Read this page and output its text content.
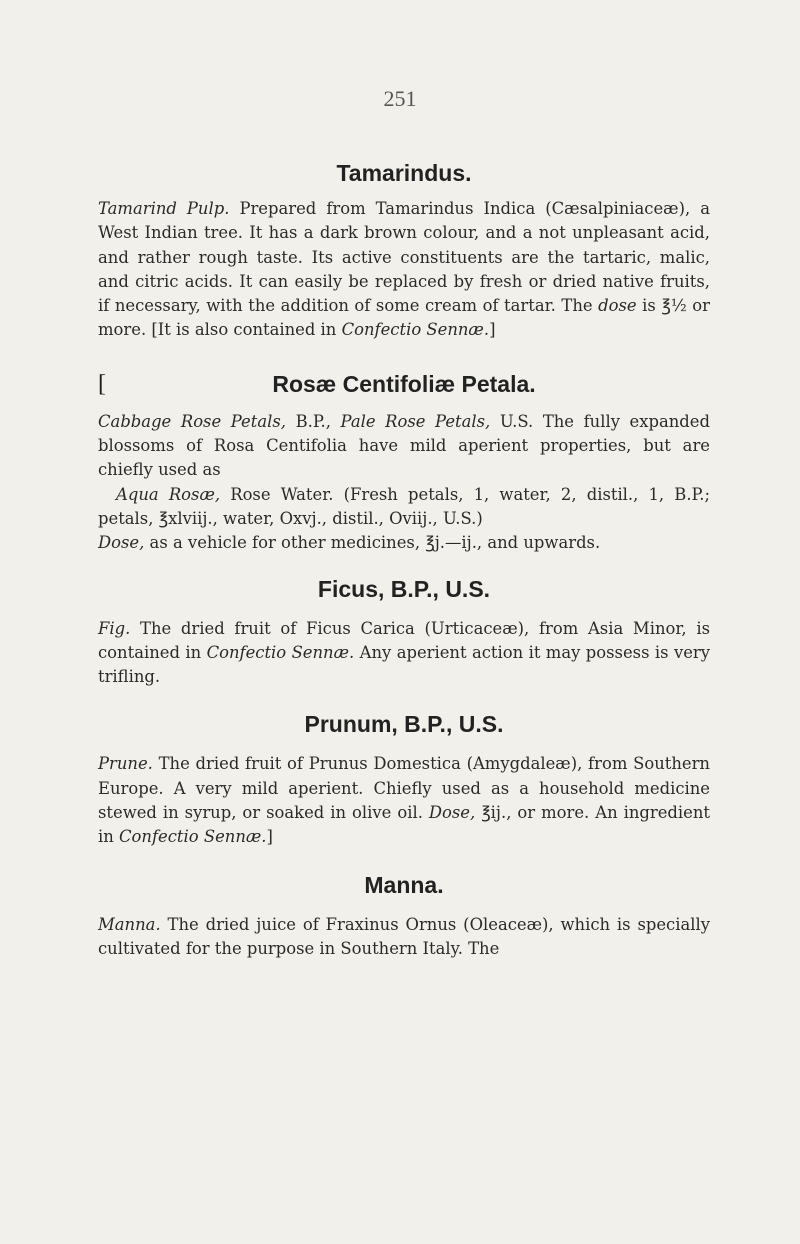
251
Tamarindus.

Tamarind Pulp. Prepared from Tamarindus Indica (Cæsalpiniaceæ), a West Indian tree. It has a dark brown colour, and a not unpleasant acid, and rather rough taste. Its active constituents are the tartaric, malic, and citric acids. It can easily be replaced by fresh or dried native fruits, if necessary, with the addition of some cream of tartar. The dose is ℥½ or more. [It is also contained in Confectio Sennæ.]

[	Rosæ Centifoliæ Petala.

Cabbage Rose Petals, B.P., Pale Rose Petals, U.S. The fully expanded blossoms of Rosa Centifolia have mild aperient properties, but are chiefly used as

Aqua Rosæ, Rose Water. (Fresh petals, 1, water, 2, distil., 1, B.P.; petals, ℥xlviij., water, Oxvj., distil., Oviij., U.S.)
Dose, as a vehicle for other medicines, ℥j.—ij., and upwards.

Ficus, B.P., U.S.

Fig. The dried fruit of Ficus Carica (Urticaceæ), from Asia Minor, is contained in Confectio Sennæ. Any aperient action it may possess is very trifling.

Prunum, B.P., U.S.

Prune. The dried fruit of Prunus Domestica (Amygdaleæ), from Southern Europe. A very mild aperient. Chiefly used as a household medicine stewed in syrup, or soaked in olive oil. Dose, ℥ij., or more. An ingredient in Confectio Sennæ.]

Manna.

Manna. The dried juice of Fraxinus Ornus (Oleaceæ), which is specially cultivated for the purpose in Southern Italy. The
